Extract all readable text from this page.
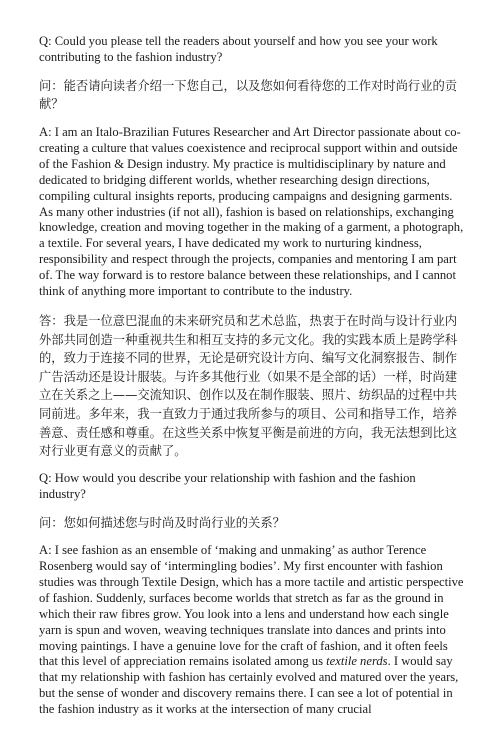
Q: Could you please tell the readers about yourself and how you see your work contributing to the fashion industry?

问：能否请向读者介绍一下您自己，以及您如何看待您的工作对时尚行业的贡献？

A: I am an Italo-Brazilian Futures Researcher and Art Director passionate about co-creating a culture that values coexistence and reciprocal support within and outside of the Fashion & Design industry. My practice is multidisciplinary by nature and dedicated to bridging different worlds, whether researching design directions, compiling cultural insights reports, producing campaigns and designing garments. As many other industries (if not all), fashion is based on relationships, exchanging knowledge, creation and moving together in the making of a garment, a photograph, a textile. For several years, I have dedicated my work to nurturing kindness, responsibility and respect through the projects, companies and mentoring I am part of. The way forward is to restore balance between these relationships, and I cannot think of anything more important to contribute to the industry.

答：我是一位意巴混血的未来研究员和艺术总监，热衷于在时尚与设计行业内外部共同创造一种重视共生和相互支持的多元文化。我的实践本质上是跨学科的，致力于连接不同的世界，无论是研究设计方向、编写文化洞察报告、制作广告活动还是设计服装。与许多其他行业（如果不是全部的话）一样，时尚建立在关系之上——交流知识、创作以及在制作服装、照片、纺织品的过程中共同前进。多年来，我一直致力于通过我所参与的项目、公司和指导工作，培养善意、责任感和尊重。在这些关系中恢复平衡是前进的方向，我无法想到比这对行业更有意义的贡献了。

Q: How would you describe your relationship with fashion and the fashion industry?

问：您如何描述您与时尚及时尚行业的关系？

A: I see fashion as an ensemble of ‘making and unmaking’ as author Terence Rosenberg would say of ‘intermingling bodies’. My first encounter with fashion studies was through Textile Design, which has a more tactile and artistic perspective of fashion. Suddenly, surfaces become worlds that stretch as far as the ground in which their raw fibres grow. You look into a lens and understand how each single yarn is spun and woven, weaving techniques translate into dances and prints into moving paintings. I have a genuine love for the craft of fashion, and it often feels that this level of appreciation remains isolated among us textile nerds. I would say that my relationship with fashion has certainly evolved and matured over the years, but the sense of wonder and discovery remains there. I can see a lot of potential in the fashion industry as it works at the intersection of many crucial
